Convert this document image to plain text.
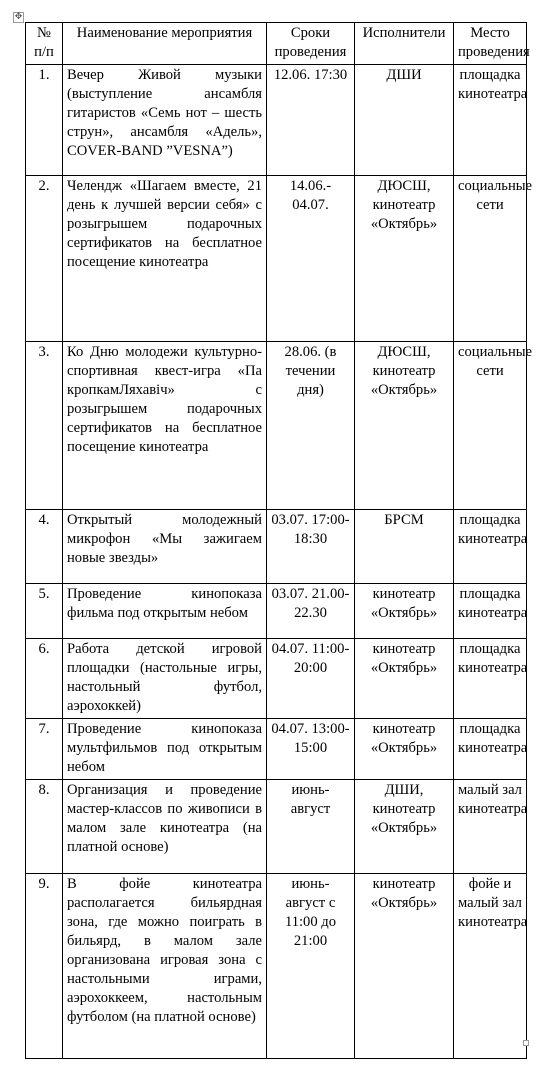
✥
№ п/п	Наименование мероприятия	Сроки проведения	Исполнители	Место проведения
1.	Вечер Живой музыки (выступление ансамбля гитаристов «Семь нот – шесть струн», ансамбля «Адель», COVER-BAND ”VESNA”)	12.06. 17:30	ДШИ	площадка кинотеатра
2.	Челендж «Шагаем вместе, 21 день к лучшей версии себя» с розыгрышем подарочных сертификатов на бесплатное посещение кинотеатра	14.06.- 04.07.	ДЮСШ, кинотеатр «Октябрь»	социальные сети
3.	Ко Дню молодежи культурно-спортивная квест-игра «Па кропкамЛяхавіч» с розыгрышем подарочных сертификатов на бесплатное посещение кинотеатра	28.06. (в течении дня)	ДЮСШ, кинотеатр «Октябрь»	социальные сети
4.	Открытый молодежный микрофон «Мы зажигаем новые звезды»	03.07. 17:00- 18:30	БРСМ	площадка кинотеатра
5.	Проведение кинопоказа фильма под открытым небом	03.07. 21.00- 22.30	кинотеатр «Октябрь»	площадка кинотеатра
6.	Работа детской игровой площадки (настольные игры, настольный футбол, аэрохоккей)	04.07. 11:00- 20:00	кинотеатр «Октябрь»	площадка кинотеатра
7.	Проведение кинопоказа мультфильмов под открытым небом	04.07. 13:00- 15:00	кинотеатр «Октябрь»	площадка кинотеатра
8.	Организация и проведение мастер-классов по живописи в малом зале кинотеатра (на платной основе)	июнь- август	ДШИ, кинотеатр «Октябрь»	малый зал кинотеатра
9.	В фойе кинотеатра располагается бильярдная зона, где можно поиграть в бильярд, в малом зале организована игровая зона с настольными играми, аэрохоккеем, настольным футболом (на платной основе)	июнь- август с 11:00 до 21:00	кинотеатр «Октябрь»	фойе и малый зал кинотеатра
